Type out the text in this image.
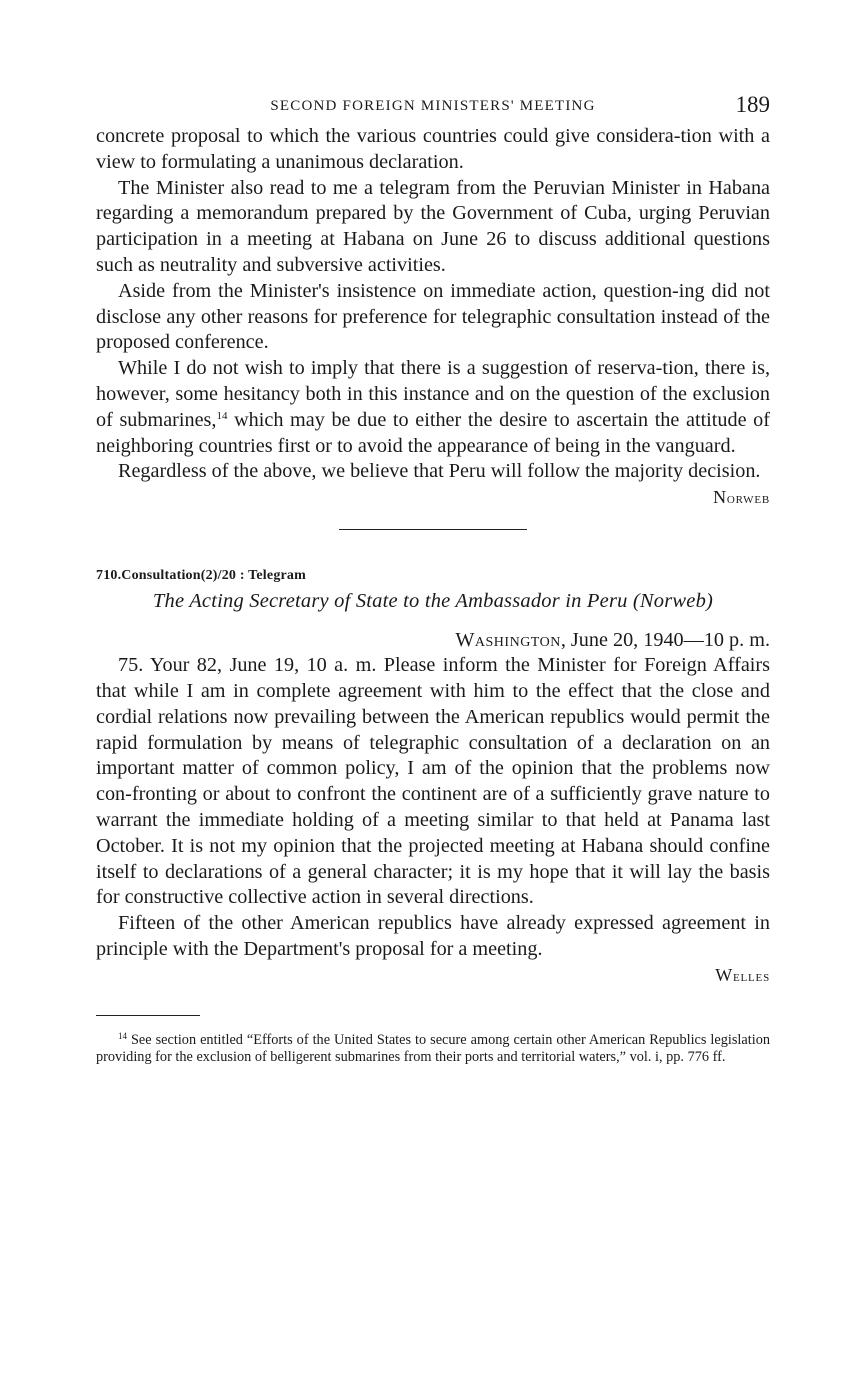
SECOND FOREIGN MINISTERS' MEETING	189

concrete proposal to which the various countries could give considera-tion with a view to formulating a unanimous declaration.

The Minister also read to me a telegram from the Peruvian Minister in Habana regarding a memorandum prepared by the Government of Cuba, urging Peruvian participation in a meeting at Habana on June 26 to discuss additional questions such as neutrality and subversive activities.

Aside from the Minister's insistence on immediate action, question-ing did not disclose any other reasons for preference for telegraphic consultation instead of the proposed conference.

While I do not wish to imply that there is a suggestion of reserva-tion, there is, however, some hesitancy both in this instance and on the question of the exclusion of submarines,$^{14}$ which may be due to either the desire to ascertain the attitude of neighboring countries first or to avoid the appearance of being in the vanguard.

Regardless of the above, we believe that Peru will follow the majority decision.

Norweb
710.Consultation(2)/20 : Telegram
The Acting Secretary of State to the Ambassador in Peru (Norweb)
Washington, June 20, 1940—10 p. m.

75. Your 82, June 19, 10 a. m. Please inform the Minister for Foreign Affairs that while I am in complete agreement with him to the effect that the close and cordial relations now prevailing between the American republics would permit the rapid formulation by means of telegraphic consultation of a declaration on an important matter of common policy, I am of the opinion that the problems now con-fronting or about to confront the continent are of a sufficiently grave nature to warrant the immediate holding of a meeting similar to that held at Panama last October. It is not my opinion that the projected meeting at Habana should confine itself to declarations of a general character; it is my hope that it will lay the basis for constructive collective action in several directions.

Fifteen of the other American republics have already expressed agreement in principle with the Department's proposal for a meeting.

Welles

$^{14}$ See section entitled “Efforts of the United States to secure among certain other American Republics legislation providing for the exclusion of belligerent submarines from their ports and territorial waters,” vol. i, pp. 776 ff.
